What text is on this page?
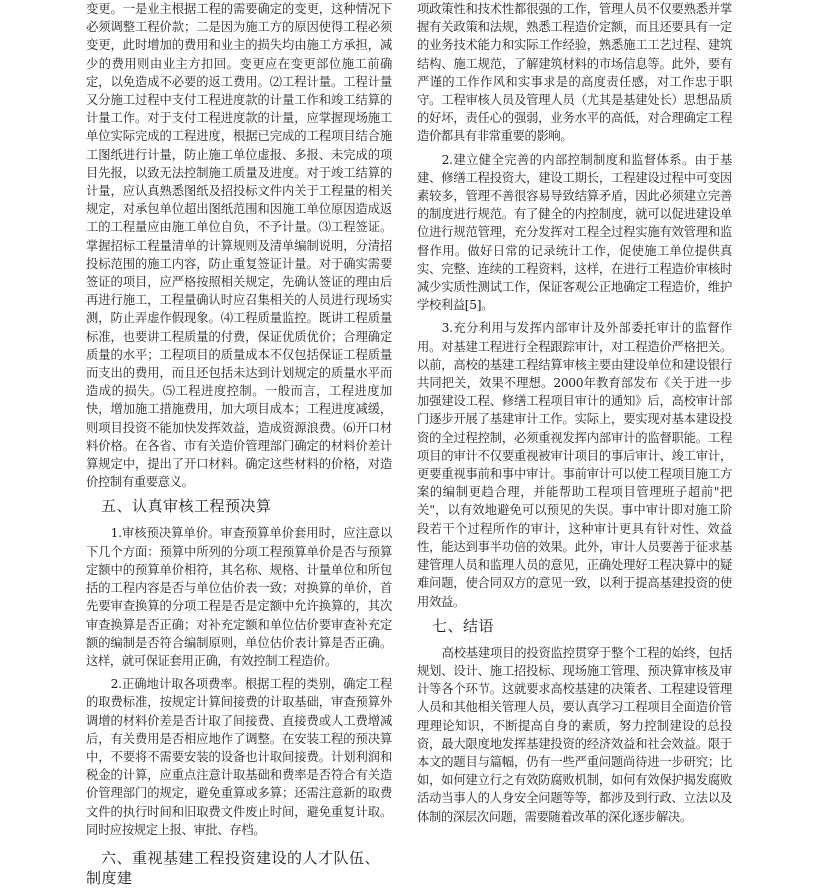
变更。一是业主根据工程的需要确定的变更，这种情况下必须调整工程价款；二是因为施工方的原因使得工程必须变更，此时增加的费用和业主的损失均由施工方承担，减少的费用则由业主方扣回。变更应在变更部位施工前确定，以免造成不必要的返工费用。⑵工程计量。工程计量又分施工过程中支付工程进度款的计量工作和竣工结算的计量工作。对于支付工程进度款的计量，应掌握现场施工单位实际完成的工程进度，根据已完成的工程项目结合施工图纸进行计量，防止施工单位虚报、多报、未完成的项目先报，以致无法控制施工质量及进度。对于竣工结算的计量，应认真熟悉图纸及招投标文件内关于工程量的相关规定，对承包单位超出图纸范围和因施工单位原因造成返工的工程量应由施工单位自负，不予计量。⑶工程签证。掌握招标工程量清单的计算规则及清单编制说明，分清招投标范围的施工内容，防止重复签证计量。对于确实需要签证的项目，应严格按照相关规定，先确认签证的理由后再进行施工，工程量确认时应召集相关的人员进行现场实测，防止弄虚作假现象。⑷工程质量监控。既讲工程质量标准，也要讲工程质量的付费，保证优质优价；合理确定质量的水平；工程项目的质量成本不仅包括保证工程质量而支出的费用，而且还包括未达到计划规定的质量水平而造成的损失。⑸工程进度控制。一般而言，工程进度加快，增加施工措施费用，加大项目成本；工程进度减缓，则项目投资不能加快发挥效益，造成资源浪费。⑹开口材料价格。在各省、市有关造价管理部门确定的材料价差计算规定中，提出了开口材料。确定这些材料的价格，对造价控制有重要意义。

五、认真审核工程预决算

1.审核预决算单价。审查预算单价套用时，应注意以下几个方面：预算中所列的分项工程预算单价是否与预算定额中的预算单价相符，其名称、规格、计量单位和所包括的工程内容是否与单位估价表一致；对换算的单价，首先要审查换算的分项工程是否是定额中允许换算的，其次审查换算是否正确；对补充定额和单位估价要审查补充定额的编制是否符合编制原则，单位估价表计算是否正确。这样，就可保证套用正确，有效控制工程造价。

2.正确地计取各项费率。根据工程的类别，确定工程的取费标准，按规定计算间接费的计取基础，审查预算外调增的材料价差是否计取了间接费、直接费或人工费增减后，有关费用是否相应地作了调整。在安装工程的预决算中，不要将不需要安装的设备也计取间接费。计划利润和税金的计算，应重点注意计取基础和费率是否符合有关造价管理部门的规定，避免重算或多算；还需注意新的取费文件的执行时间和旧取费文件废止时间，避免重复计取。同时应按规定上报、审批、存档。

六、重视基建工程投资建设的人才队伍、制度建

项政策性和技术性都很强的工作，管理人员不仅要熟悉并掌握有关政策和法规，熟悉工程造价定额，而且还要具有一定的业务技术能力和实际工作经验，熟悉施工工艺过程、建筑结构、施工规范，了解建筑材料的市场信息等。此外，要有严谨的工作作风和实事求是的高度责任感，对工作忠于职守。工程审核人员及管理人员（尤其是基建处长）思想品质的好坏，责任心的强弱，业务水平的高低，对合理确定工程造价都具有非常重要的影响。

2.建立健全完善的内部控制制度和监督体系。由于基建、修缮工程投资大，建设工期长，工程建设过程中可变因素较多，管理不善很容易导致结算矛盾，因此必须建立完善的制度进行规范。有了健全的内控制度，就可以促进建设单位进行规范管理，充分发挥对工程全过程实施有效管理和监督作用。做好日常的记录统计工作，促使施工单位提供真实、完整、连续的工程资料，这样，在进行工程造价审核时减少实质性测试工作，保证客观公正地确定工程造价，维护学校利益[5]。

3.充分利用与发挥内部审计及外部委托审计的监督作用。对基建工程进行全程跟踪审计，对工程造价严格把关。以前，高校的基建工程结算审核主要由建设单位和建设银行共同把关，效果不理想。2000年教育部发布《关于进一步加强建设工程、修缮工程项目审计的通知》后，高校审计部门逐步开展了基建审计工作。实际上，要实现对基本建设投资的全过程控制，必须重视发挥内部审计的监督职能。工程项目的审计不仅要重视被审计项目的事后审计、竣工审计，更要重视事前和事中审计。事前审计可以使工程项目施工方案的编制更趋合理，并能帮助工程项目管理班子超前"把关"，以有效地避免可以预见的失误。事中审计即对施工阶段若干个过程所作的审计，这种审计更具有针对性、效益性，能达到事半功倍的效果。此外，审计人员要善于征求基建管理人员和监理人员的意见，正确处理好工程决算中的疑难问题，使合同双方的意见一致，以利于提高基建投资的使用效益。

七、结语

高校基建项目的投资监控贯穿于整个工程的始终，包括规划、设计、施工招投标、现场施工管理、预决算审核及审计等各个环节。这就要求高校基建的决策者、工程建设管理人员和其他相关管理人员，要认真学习工程项目全面造价管理理论知识，不断提高自身的素质，努力控制建设的总投资，最大限度地发挥基建投资的经济效益和社会效益。限于本文的题目与篇幅，仍有一些严重问题尚待进一步研究；比如，如何建立行之有效防腐败机制，如何有效保护揭发腐败活动当事人的人身安全问题等等，都涉及到行政、立法以及体制的深层次问题，需要随着改革的深化逐步解决。
